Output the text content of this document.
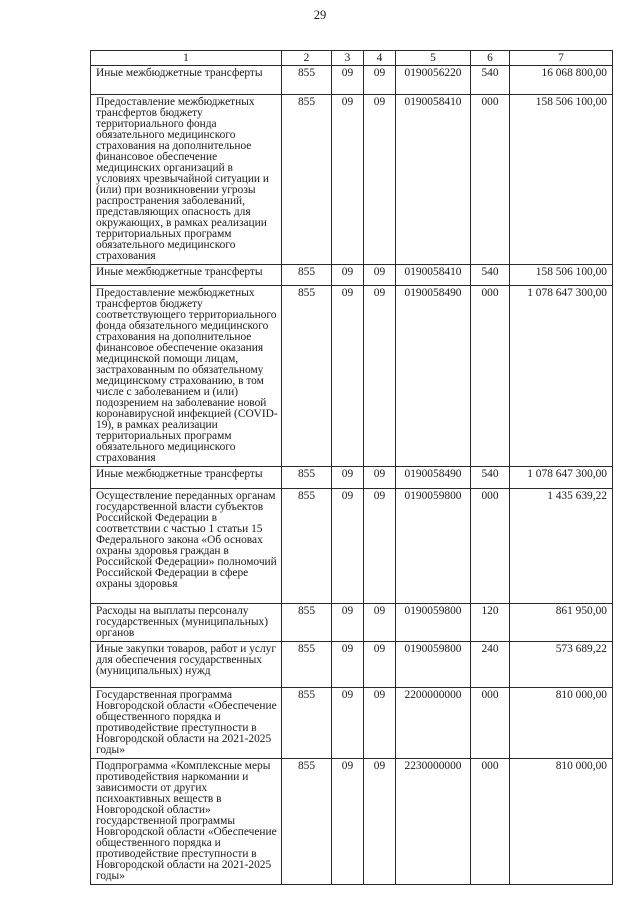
29
1	2	3	4	5	6	7
Иные межбюджетные трансферты	855	09	09	0190056220	540	16 068 800,00
Предоставление межбюджетных трансфертов бюджету территориального фонда обязательного медицинского страхования на дополнительное финансовое обеспечение медицинских организаций в условиях чрезвычайной ситуации и (или) при возникновении угрозы распространения заболеваний, представляющих опасность для окружающих, в рамках реализации территориальных программ обязательного медицинского страхования	855	09	09	0190058410	000	158 506 100,00
Иные межбюджетные трансферты	855	09	09	0190058410	540	158 506 100,00
Предоставление межбюджетных трансфертов бюджету соответствующего территориального фонда обязательного медицинского страхования на дополнительное финансовое обеспечение оказания медицинской помощи лицам, застрахованным по обязательному медицинскому страхованию, в том числе с заболеванием и (или) подозрением на заболевание новой коронавирусной инфекцией (COVID-19), в рамках реализации территориальных программ обязательного медицинского страхования	855	09	09	0190058490	000	1 078 647 300,00
Иные межбюджетные трансферты	855	09	09	0190058490	540	1 078 647 300,00
Осуществление переданных органам государственной власти субъектов Российской Федерации в соответствии с частью 1 статьи 15 Федерального закона «Об основах охраны здоровья граждан в Российской Федерации» полномочий Российской Федерации в сфере охраны здоровья	855	09	09	0190059800	000	1 435 639,22
Расходы на выплаты персоналу государственных (муниципальных) органов	855	09	09	0190059800	120	861 950,00
Иные закупки товаров, работ и услуг для обеспечения государственных (муниципальных) нужд	855	09	09	0190059800	240	573 689,22
Государственная программа Новгородской области «Обеспечение общественного порядка и противодействие преступности в Новгородской области на 2021-2025 годы»	855	09	09	2200000000	000	810 000,00
Подпрограмма «Комплексные меры противодействия наркомании и зависимости от других психоактивных веществ в Новгородской области» государственной программы Новгородской области «Обеспечение общественного порядка и противодействие преступности в Новгородской области на 2021-2025 годы»	855	09	09	2230000000	000	810 000,00
